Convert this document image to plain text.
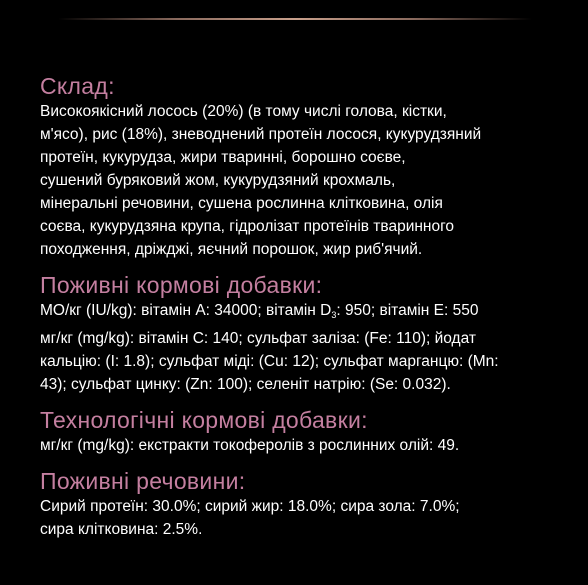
Склад:
Високоякісний лосось (20%) (в тому числі голова, кістки,
м'ясо), рис (18%), зневоднений протеїн лосося, кукурудзяний
протеїн, кукурудза, жири тваринні, борошно соєве,
сушений буряковий жом, кукурудзяний крохмаль,
мінеральні речовини, сушена рослинна клітковина, олія
соєва, кукурудзяна крупа, гідролізат протеїнів тваринного
походження, дріжджі, яєчний порошок, жир риб'ячий.
Поживні кормові добавки:
МО/кг (IU/kg): вітамін А: 34000; вітамін $D_3$: 950; вітамін Е: 550
мг/кг (mg/kg): вітамін С: 140; сульфат заліза: (Fe: 110); йодат
кальцію: (I: 1.8); сульфат міді: (Cu: 12); сульфат марганцю: (Mn:
43); сульфат цинку: (Zn: 100); селеніт натрію: (Se: 0.032).
Технологічні кормові добавки:
мг/кг (mg/kg): екстракти токоферолів з рослинних олій: 49.
Поживні речовини:
Сирий протеїн: 30.0%; сирий жир: 18.0%; сира зола: 7.0%;
сира клітковина: 2.5%.
